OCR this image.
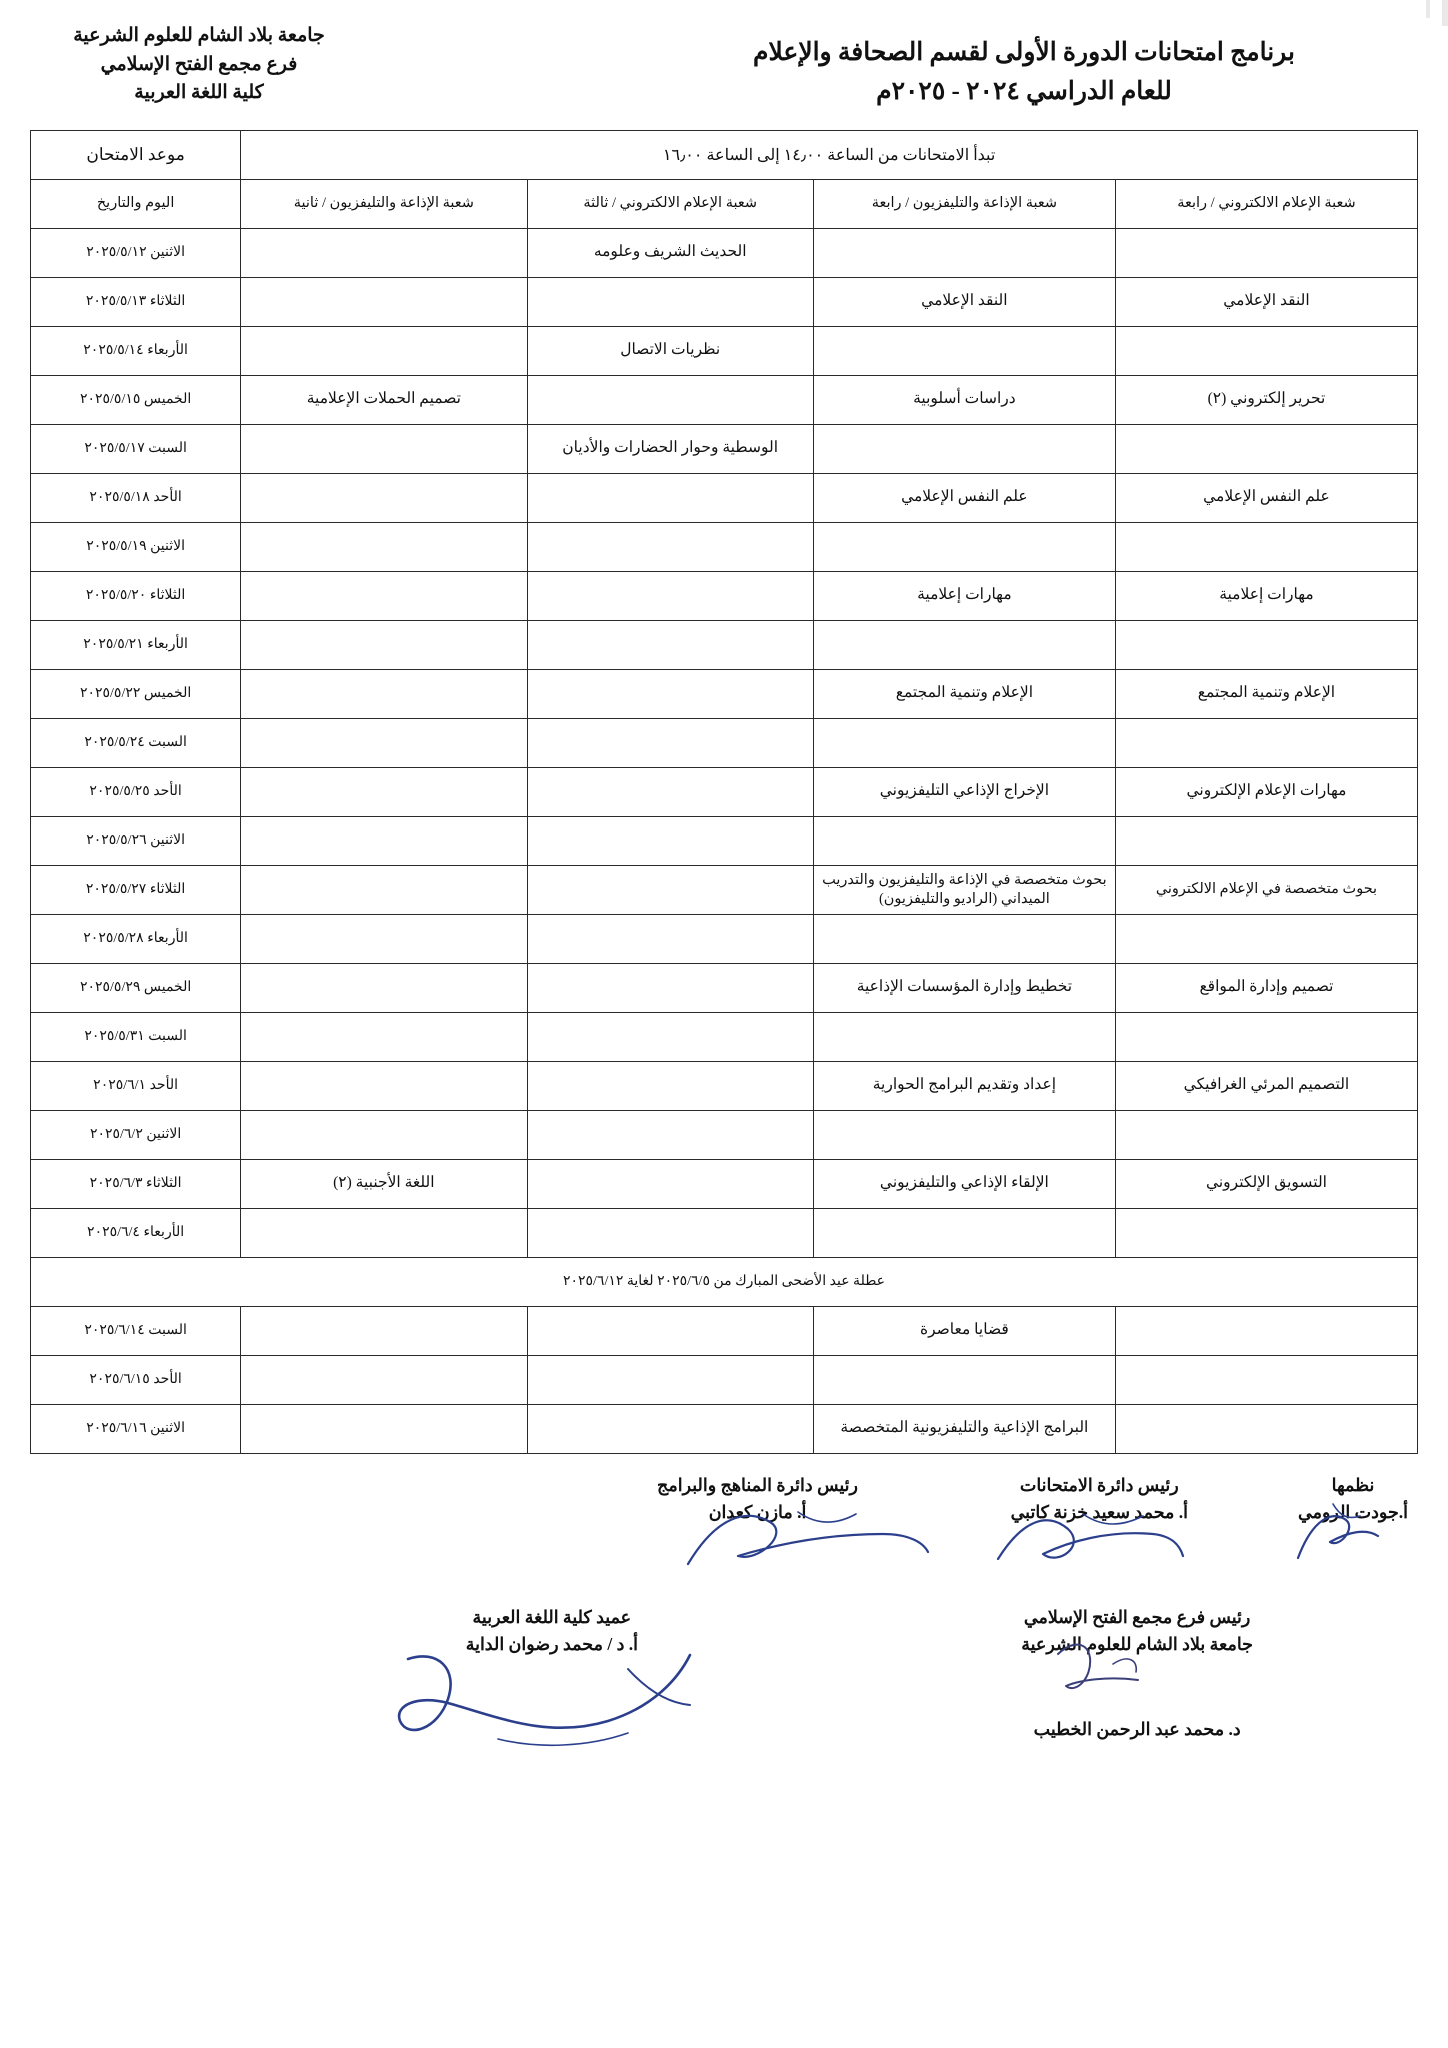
جامعة بلاد الشام للعلوم الشرعية
فرع مجمع الفتح الإسلامي
كلية اللغة العربية
برنامج امتحانات الدورة الأولى لقسم الصحافة والإعلام
للعام الدراسي ٢٠٢٤ - ٢٠٢٥م
تبدأ الامتحانات من الساعة ١٤٫٠٠ إلى الساعة ١٦٫٠٠				موعد الامتحان
شعبة الإعلام الالكتروني / رابعة	شعبة الإذاعة والتليفزيون / رابعة	شعبة الإعلام الالكتروني / ثالثة	شعبة الإذاعة والتليفزيون / ثانية	اليوم والتاريخ
		الحديث الشريف وعلومه		الاثنين ٢٠٢٥/٥/١٢
النقد الإعلامي	النقد الإعلامي			الثلاثاء ٢٠٢٥/٥/١٣
		نظريات الاتصال		الأربعاء ٢٠٢٥/٥/١٤
تحرير إلكتروني (٢)	دراسات أسلوبية		تصميم الحملات الإعلامية	الخميس ٢٠٢٥/٥/١٥
		الوسطية وحوار الحضارات والأديان		السبت ٢٠٢٥/٥/١٧
علم النفس الإعلامي	علم النفس الإعلامي			الأحد ٢٠٢٥/٥/١٨
				الاثنين ٢٠٢٥/٥/١٩
مهارات إعلامية	مهارات إعلامية			الثلاثاء ٢٠٢٥/٥/٢٠
				الأربعاء ٢٠٢٥/٥/٢١
الإعلام وتنمية المجتمع	الإعلام وتنمية المجتمع			الخميس ٢٠٢٥/٥/٢٢
				السبت ٢٠٢٥/٥/٢٤
مهارات الإعلام الإلكتروني	الإخراج الإذاعي التليفزيوني			الأحد ٢٠٢٥/٥/٢٥
				الاثنين ٢٠٢٥/٥/٢٦
بحوث متخصصة في الإعلام الالكتروني	بحوث متخصصة في الإذاعة والتليفزيون والتدريب الميداني (الراديو والتليفزيون)			الثلاثاء ٢٠٢٥/٥/٢٧
				الأربعاء ٢٠٢٥/٥/٢٨
تصميم وإدارة المواقع	تخطيط وإدارة المؤسسات الإذاعية			الخميس ٢٠٢٥/٥/٢٩
				السبت ٢٠٢٥/٥/٣١
التصميم المرئي الغرافيكي	إعداد وتقديم البرامج الحوارية			الأحد ٢٠٢٥/٦/١
				الاثنين ٢٠٢٥/٦/٢
التسويق الإلكتروني	الإلقاء الإذاعي والتليفزيوني		اللغة الأجنبية (٢)	الثلاثاء ٢٠٢٥/٦/٣
				الأربعاء ٢٠٢٥/٦/٤
عطلة عيد الأضحى المبارك من ٢٠٢٥/٦/٥ لغاية ٢٠٢٥/٦/١٢				
	قضايا معاصرة			السبت ٢٠٢٥/٦/١٤
				الأحد ٢٠٢٥/٦/١٥
	البرامج الإذاعية والتليفزيونية المتخصصة			الاثنين ٢٠٢٥/٦/١٦
نظمها
أ.جودت الرومي
رئيس دائرة الامتحانات
أ. محمد سعيد خزنة كاتبي
رئيس دائرة المناهج والبرامج
أ. مازن كعدان
رئيس فرع مجمع الفتح الإسلامي
جامعة بلاد الشام للعلوم الشرعية
د. محمد عبد الرحمن الخطيب
عميد كلية اللغة العربية
أ. د / محمد رضوان الداية
